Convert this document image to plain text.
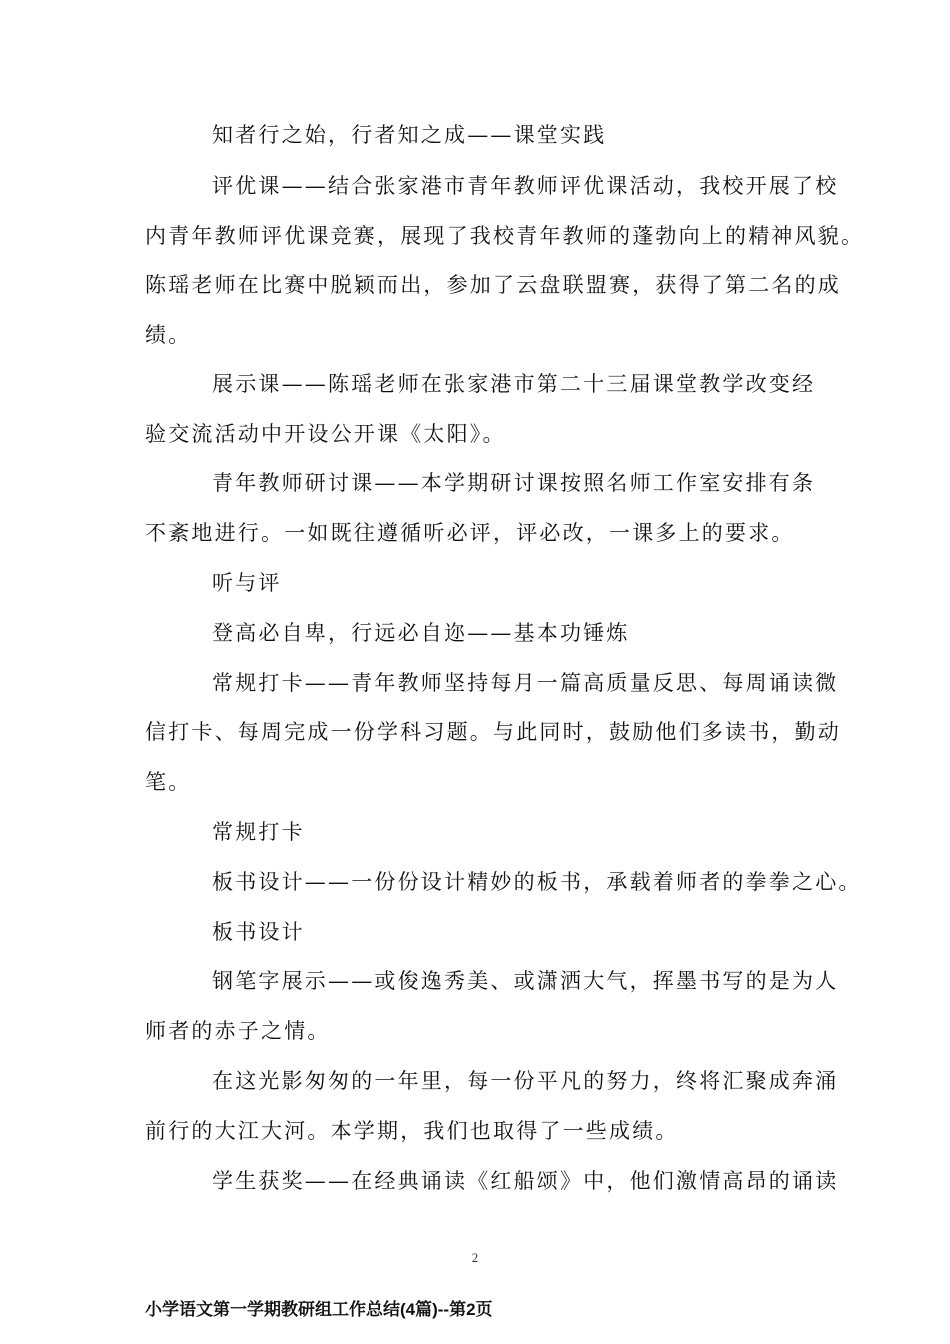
知者行之始，行者知之成——课堂实践
评优课——结合张家港市青年教师评优课活动，我校开展了校
内青年教师评优课竞赛，展现了我校青年教师的蓬勃向上的精神风貌。
陈瑶老师在比赛中脱颖而出，参加了云盘联盟赛，获得了第二名的成
绩。
展示课——陈瑶老师在张家港市第二十三届课堂教学改变经
验交流活动中开设公开课《太阳》。
青年教师研讨课——本学期研讨课按照名师工作室安排有条
不紊地进行。一如既往遵循听必评，评必改，一课多上的要求。
听与评
登高必自卑，行远必自迩——基本功锤炼
常规打卡——青年教师坚持每月一篇高质量反思、每周诵读微
信打卡、每周完成一份学科习题。与此同时，鼓励他们多读书，勤动
笔。
常规打卡
板书设计——一份份设计精妙的板书，承载着师者的拳拳之心。
板书设计
钢笔字展示——或俊逸秀美、或潇洒大气，挥墨书写的是为人
师者的赤子之情。
在这光影匆匆的一年里，每一份平凡的努力，终将汇聚成奔涌
前行的大江大河。本学期，我们也取得了一些成绩。
学生获奖——在经典诵读《红船颂》中，他们激情高昂的诵读
2
小学语文第一学期教研组工作总结(4篇)--第2页
